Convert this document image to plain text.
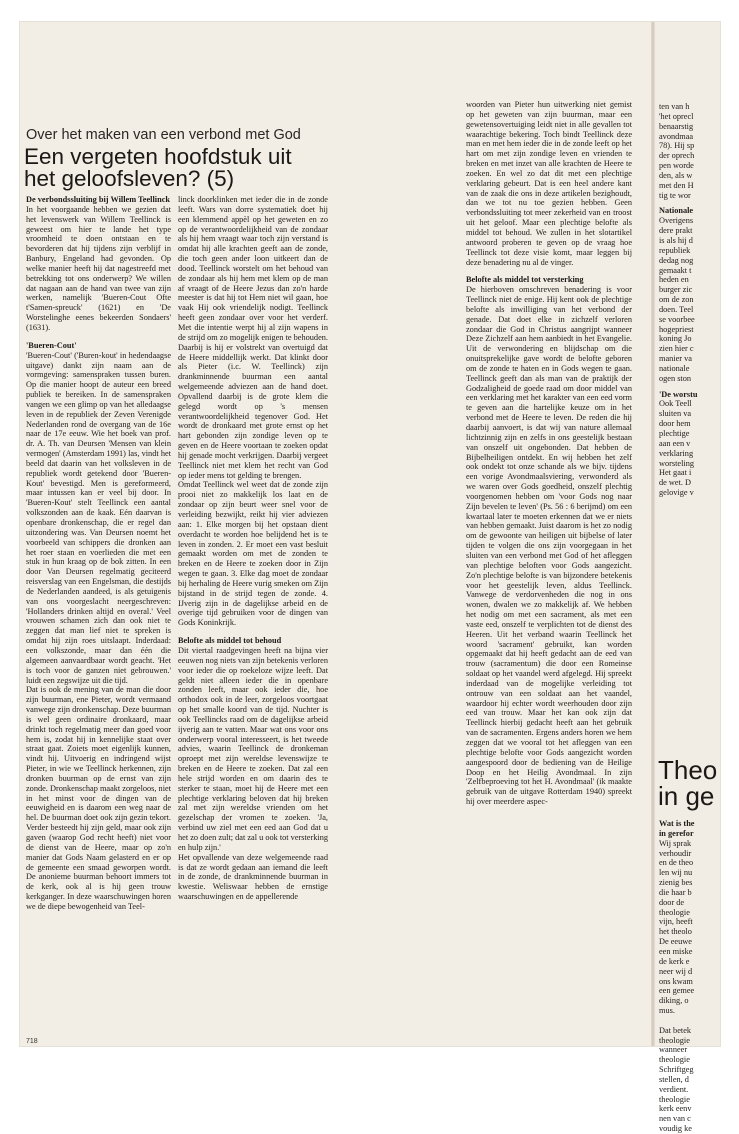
Over het maken van een verbond met God
Een vergeten hoofdstuk uit
het geloofsleven? (5)
De verbondssluiting bij Willem Teellinck

In het voorgaande hebben we gezien dat het levenswerk van Willem Teellinck is geweest om hier te lande het type vroomheid te doen ontstaan en te bevorderen dat hij tijdens zijn verblijf in Banbury, Engeland had gevonden. Op welke manier heeft hij dat nagestreefd met betrekking tot ons onderwerp? We willen dat nagaan aan de hand van twee van zijn werken, namelijk 'Bueren-Cout Ofte t'Samen-spreuck' (1621) en 'De Worstelinghe eenes bekeerden Sondaers' (1631).

'Bueren-Cout'

'Bueren-Cout' ('Buren-kout' in hedendaagse uitgave) dankt zijn naam aan de vormgeving: samenspraken tussen buren. Op die manier hoopt de auteur een breed publiek te bereiken. In de samenspraken vangen we een glimp op van het alledaagse leven in de republiek der Zeven Verenigde Nederlanden rond de overgang van de 16e naar de 17e eeuw. Wie het boek van prof. dr. A. Th. van Deursen 'Mensen van klein vermogen' (Amsterdam 1991) las, vindt het beeld dat daarin van het volksleven in de republiek wordt getekend door 'Bueren-Kout' bevestigd. Men is gereformeerd, maar intussen kan er veel bij door. In 'Bueren-Kout' stelt Teellinck een aantal volkszonden aan de kaak. Eén daarvan is openbare dronkenschap, die er regel dan uitzondering was. Van Deursen noemt het voorbeeld van schippers die dronken aan het roer staan en voerlieden die met een stuk in hun kraag op de bok zitten. In een door Van Deursen regelmatig geciteerd reisverslag van een Engelsman, die destijds de Nederlanden aandeed, is als getuigenis van ons voorgeslacht neergeschreven: 'Hollanders drinken altijd en overal.' Veel vrouwen schamen zich dan ook niet te zeggen dat man lief niet te spreken is omdat hij zijn roes uitslaapt. Inderdaad: een volkszonde, maar dan één die algemeen aanvaardbaar wordt geacht. 'Het is toch voor de ganzen niet gebrouwen.' luidt een zegswijze uit die tijd.

Dat is ook de mening van de man die door zijn buurman, ene Pieter, wordt vermaand vanwege zijn dronkenschap. Deze buurman is wel geen ordinaire dronkaard, maar drinkt toch regelmatig meer dan goed voor hem is, zodat hij in kennelijke staat over straat gaat. Zoiets moet eigenlijk kunnen, vindt hij. Uitvoerig en indringend wijst Pieter, in wie we Teellinck herkennen, zijn dronken buurman op de ernst van zijn zonde. Dronkenschap maakt zorgeloos, niet in het minst voor de dingen van de eeuwigheid en is daarom een weg naar de hel. De buurman doet ook zijn gezin tekort. Verder besteedt hij zijn geld, maar ook zijn gaven (waarop God recht heeft) niet voor de dienst van de Heere, maar op zo'n manier dat Gods Naam gelasterd en er op de gemeente een smaad geworpen wordt. De anonieme buurman behoort immers tot de kerk, ook al is hij geen trouw kerkganger. In deze waarschuwingen horen we de diepe bewogenheid van Teel-

linck doorklinken met ieder die in de zonde leeft. Wars van dorre systematiek doet hij een klemmend appèl op het geweten en zo op de verantwoordelijkheid van de zondaar als hij hem vraagt waar toch zijn verstand is omdat hij alle krachten geeft aan de zonde, die toch geen ander loon uitkeert dan de dood. Teellinck worstelt om het behoud van de zondaar als hij hem met klem op de man af vraagt of de Heere Jezus dan zo'n harde meester is dat hij tot Hem niet wil gaan, hoe vaak Hij ook vriendelijk nodigt. Teellinck heeft geen zondaar over voor het verderf. Met die intentie werpt hij al zijn wapens in de strijd om zo mogelijk enigen te behouden. Daarbij is hij er volstrekt van overtuigd dat de Heere middellijk werkt. Dat klinkt door als Pieter (i.c. W. Teellinck) zijn drankminnende buurman een aantal welgemeende adviezen aan de hand doet. Opvallend daarbij is de grote klem die gelegd wordt op 's mensen verantwoordelijkheid tegenover God. Het wordt de dronkaard met grote ernst op het hart gebonden zijn zondige leven op te geven en de Heere voortaan te zoeken opdat hij genade mocht verkrijgen. Daarbij vergeet Teellinck niet met klem het recht van God op ieder mens tot gelding te brengen.

Omdat Teellinck wel weet dat de zonde zijn prooi niet zo makkelijk los laat en de zondaar op zijn beurt weer snel voor de verleiding bezwijkt, reikt hij vier adviezen aan: 1. Elke morgen bij het opstaan dient overdacht te worden hoe belijdend het is te leven in zonden. 2. Er moet een vast besluit gemaakt worden om met de zonden te breken en de Heere te zoeken door in Zijn wegen te gaan. 3. Elke dag moet de zondaar bij herhaling de Heere vurig smeken om Zijn bijstand in de strijd tegen de zonde. 4. IJverig zijn in de dagelijkse arbeid en de overige tijd gebruiken voor de dingen van Gods Koninkrijk.

Belofte als middel tot behoud

Dit viertal raadgevingen heeft na bijna vier eeuwen nog niets van zijn betekenis verloren voor ieder die op roekeloze wijze leeft. Dat geldt niet alleen ieder die in openbare zonden leeft, maar ook ieder die, hoe orthodox ook in de leer, zorgeloos voortgaat op het smalle koord van de tijd. Nuchter is ook Teellincks raad om de dagelijkse arbeid ijverig aan te vatten. Maar wat ons voor ons onderwerp vooral interesseert, is het tweede advies, waarin Teellinck de dronkeman oproept met zijn wereldse levenswijze te breken en de Heere te zoeken. Dat zal een hele strijd worden en om daarin des te sterker te staan, moet hij de Heere met een plechtige verklaring beloven dat hij breken zal met zijn wereldse vrienden om het gezelschap der vromen te zoeken. 'Ja, verbind uw ziel met een eed aan God dat u het zo doen zult; dat zal u ook tot versterking en hulp zijn.'

Het opvallende van deze welgemeende raad is dat ze wordt gedaan aan iemand die leeft in de zonde, de drankminnende buurman in kwestie. Weliswaar hebben de ernstige waarschuwingen en de appellerende

woorden van Pieter hun uitwerking niet gemist op het geweten van zijn buurman, maar een gewetensovertuiging leidt niet in alle gevallen tot waarachtige bekering. Toch bindt Teellinck deze man en met hem ieder die in de zonde leeft op het hart om met zijn zondige leven en vrienden te breken en met inzet van alle krachten de Heere te zoeken. En wel zo dat dit met een plechtige verklaring gebeurt. Dat is een heel andere kant van de zaak die ons in deze artikelen bezighoudt, dan we tot nu toe gezien hebben. Geen verbondssluiting tot meer zekerheid van en troost uit het geloof. Maar een plechtige belofte als middel tot behoud. We zullen in het slotartikel antwoord proberen te geven op de vraag hoe Teellinck tot deze visie komt, maar leggen bij deze benadering nu al de vinger.

Belofte als middel tot versterking

De hierboven omschreven benadering is voor Teellinck niet de enige. Hij kent ook de plechtige belofte als inwilliging van het verbond der genade. Dat doet elke in zichzelf verloren zondaar die God in Christus aangrijpt wanneer Deze Zichzelf aan hem aanbiedt in het Evangelie. Uit de verwondering en blijdschap om die onuitsprekelijke gave wordt de belofte geboren om de zonde te haten en in Gods wegen te gaan. Teellinck geeft dan als man van de praktijk der Godzaligheid de goede raad om door middel van een verklaring met het karakter van een eed vorm te geven aan die hartelijke keuze om in het verbond met de Heere te leven. De reden die hij daarbij aanvoert, is dat wij van nature allemaal lichtzinnig zijn en zelfs in ons geestelijk bestaan van onszelf uit ongebonden. Dat hebben de Bijbelheiligen ontdekt. En wij hebben het zelf ook ondekt tot onze schande als we bijv. tijdens een vorige Avondmaalsviering, verwonderd als we waren over Gods goedheid, onszelf plechtig voorgenomen hebben om 'voor Gods nog naar Zijn bevelen te leven' (Ps. 56 : 6 berijmd) om een kwartaal later te moeten erkennen dat we er niets van hebben gemaakt. Juist daarom is het zo nodig om de gewoonte van heiligen uit bijbelse of later tijden te volgen die ons zijn voorgegaan in het sluiten van een verbond met God of het afleggen van plechtige beloften voor Gods aangezicht. Zo'n plechtige belofte is van bijzondere betekenis voor het geestelijk leven, aldus Teellinck. Vanwege de verdorvenheden die nog in ons wonen, dwalen we zo makkelijk af. We hebben het nodig om met een sacrament, als met een vaste eed, onszelf te verplichten tot de dienst des Heeren. Uit het verband waarin Teellinck het woord 'sacrament' gebruikt, kan worden opgemaakt dat hij heeft gedacht aan de eed van trouw (sacramentum) die door een Romeinse soldaat op het vaandel werd afgelegd. Hij spreekt inderdaad van de mogelijke verleiding tot ontrouw van een soldaat aan het vaandel, waardoor hij echter wordt weerhouden door zijn eed van trouw. Maar het kan ook zijn dat Teellinck hierbij gedacht heeft aan het gebruik van de sacramenten. Ergens anders horen we hem zeggen dat we vooral tot het afleggen van een plechtige belofte voor Gods aangezicht worden aangespoord door de bediening van de Heilige Doop en het Heilig Avondmaal. In zijn 'Zelfbeproeving tot het H. Avondmaal' (ik maakte gebruik van de uitgave Rotterdam 1940) spreekt hij over meerdere aspec-

718
ten van h
'het oprecl
benaarstig
avondmaa
78). Hij sp
der oprech
pen worde
den, als w
met den H
tig te wor
Nationale
Overigens
dere prakt
is als hij d
republiek
dedag nog
gemaakt t
heden en
burger zic
om de zon
doen. Teel
se voorbee
hogepriest
koning Jo
zien hier c
manier va
nationale
ogen ston
'De worstu
Ook Teell
sluiten va
door hem
plechtige
aan een v
verklaring
worsteling
Het gaat i
de wet. D
gelovige v
Theo
in ge
Wat is the
in gerefor
Wij sprak
verhoudir
en de theo
len wij nu
zienig bes
die haar b
door de
theologie
vijn, heeft
het theolo
De eeuwe
een miske
de kerk e
neer wij d
ons kwam
een gemee
diking, o
mus.

Dat betek
theologie
wanneer
theologie
Schriftgeg
stellen, d
verdient.
theologie
kerk eenv
nen van c
voudig ke
